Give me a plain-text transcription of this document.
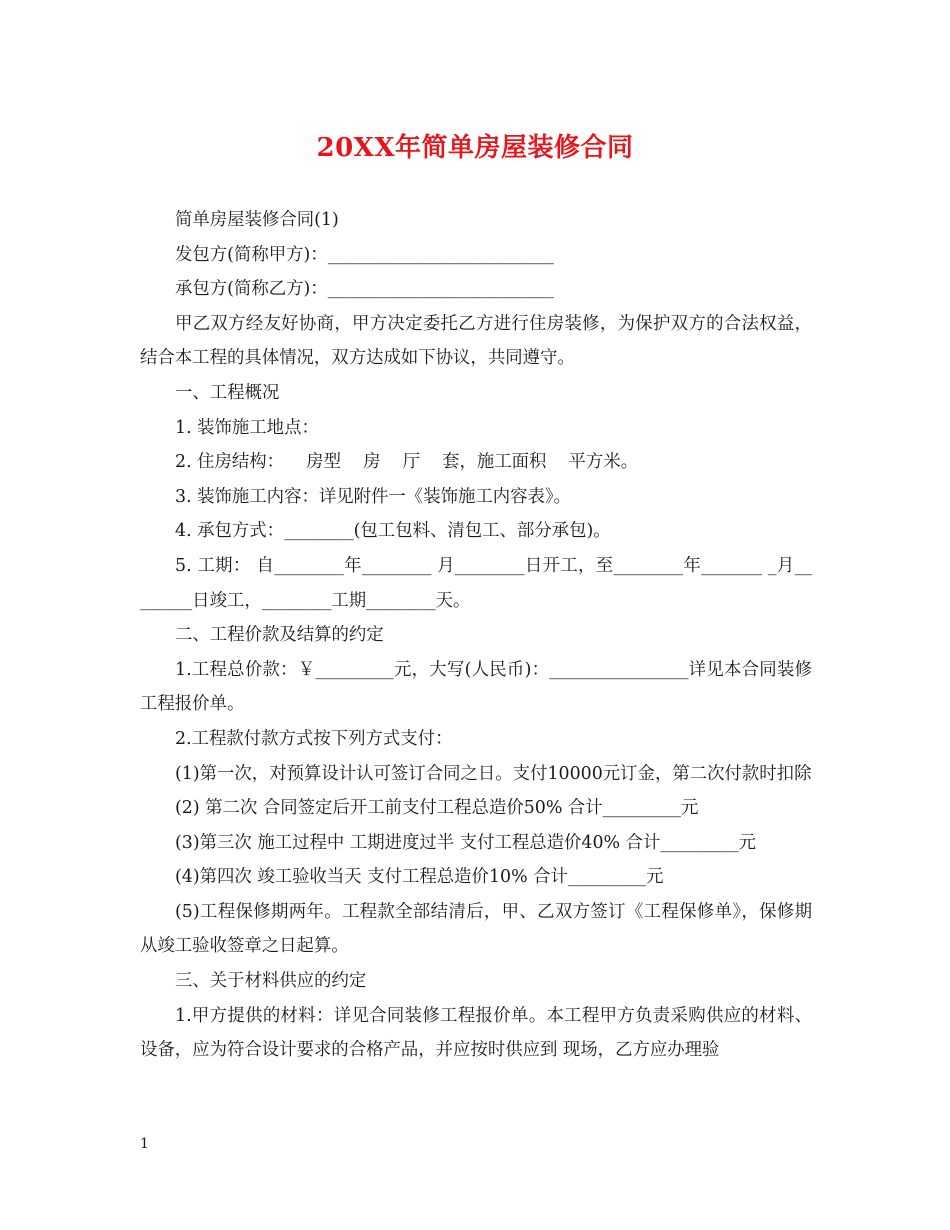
20XX年简单房屋装修合同

简单房屋装修合同(1)

发包方(简称甲方)：__________________________

承包方(简称乙方)：__________________________

甲乙双方经友好协商，甲方决定委托乙方进行住房装修，为保护双方的合法权益，结合本工程的具体情况，双方达成如下协议，共同遵守。

一、工程概况

1. 装饰施工地点：

2. 住房结构：    房型    房    厅    套，施工面积    平方米。

3. 装饰施工内容：详见附件一《装饰施工内容表》。

4. 承包方式：________(包工包料、清包工、部分承包)。

5. 工期： 自________年________ 月________日开工，至________年_______ _月________日竣工，________工期________天。

二、工程价款及结算的约定

1.工程总价款：￥_________元，大写(人民币)：________________详见本合同装修工程报价单。

2.工程款付款方式按下列方式支付：

(1)第一次，对预算设计认可签订合同之日。支付10000元订金，第二次付款时扣除

(2) 第二次 合同签定后开工前支付工程总造价50% 合计_________元

(3)第三次 施工过程中 工期进度过半 支付工程总造价40% 合计_________元

(4)第四次 竣工验收当天 支付工程总造价10% 合计_________元

(5)工程保修期两年。工程款全部结清后，甲、乙双方签订《工程保修单》，保修期从竣工验收签章之日起算。

三、关于材料供应的约定

1.甲方提供的材料：详见合同装修工程报价单。本工程甲方负责采购供应的材料、设备，应为符合设计要求的合格产品，并应按时供应到 现场，乙方应办理验

1
